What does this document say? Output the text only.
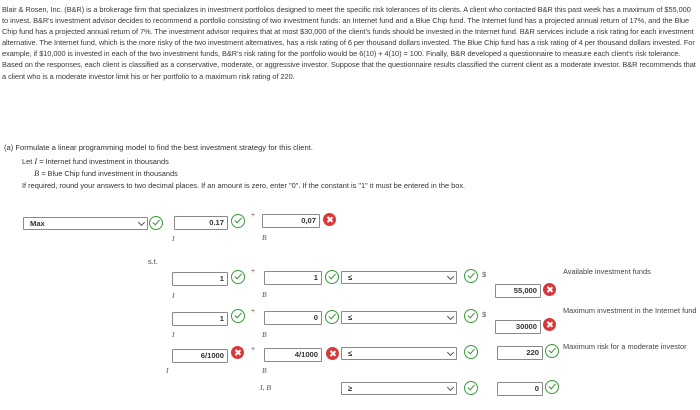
Blair & Rosen, Inc. (B&R) is a brokerage firm that specializes in investment portfolios designed to meet the specific risk tolerances of its clients. A client who contacted B&R this past week has a maximum of $55,000 to invest. B&R's investment advisor decides to recommend a portfolio consisting of two investment funds: an Internet fund and a Blue Chip fund. The Internet fund has a projected annual return of 17%, and the Blue Chip fund has a projected annual return of 7%. The investment advisor requires that at most $30,000 of the client's funds should be invested in the Internet fund. B&R services include a risk rating for each investment alternative. The Internet fund, which is the more risky of the two investment alternatives, has a risk rating of 6 per thousand dollars invested. The Blue Chip fund has a risk rating of 4 per thousand dollars invested. For example, if $10,000 is invested in each of the two investment funds, B&R's risk rating for the portfolio would be 6(10) + 4(10) = 100. Finally, B&R developed a questionnaire to measure each client's risk tolerance. Based on the responses, each client is classified as a conservative, moderate, or aggressive investor. Suppose that the questionnaire results classified the current client as a moderate investor. B&R recommends that a client who is a moderate investor limit his or her portfolio to a maximum risk rating of 220.
(a) Formulate a linear programming model to find the best investment strategy for this client.
Let I = Internet fund investment in thousands
B = Blue Chip fund investment in thousands
If required, round your answers to two decimal places. If an amount is zero, enter "0". If the constant is "1" it must be entered in the box.
Max	0.17
+
0,07
I	B
s.t.
1
+
1	≤	$
55,000
Available investment funds
I	B
1
+
0	≤	$
30000
Maximum investment in the Internet fund
I	B
6/1000
+
4/1000	≤	220
Maximum risk for a moderate investor
I	B
I, B	≥	0
